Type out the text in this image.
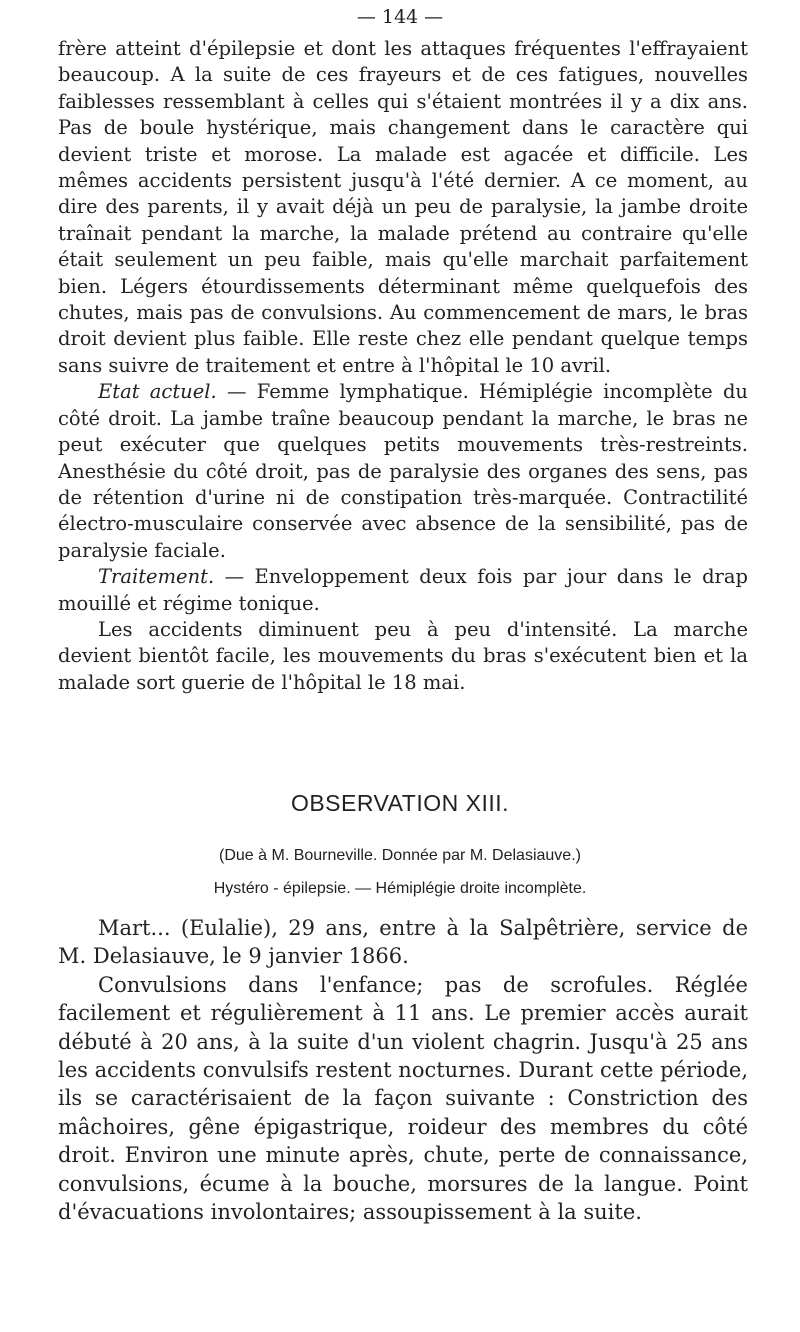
— 144 —

frère atteint d'épilepsie et dont les attaques fréquentes l'effrayaient beaucoup. A la suite de ces frayeurs et de ces fatigues, nouvelles faiblesses ressemblant à celles qui s'étaient montrées il y a dix ans. Pas de boule hystérique, mais changement dans le caractère qui devient triste et morose. La malade est agacée et difficile. Les mêmes accidents persistent jusqu'à l'été dernier. A ce moment, au dire des parents, il y avait déjà un peu de paralysie, la jambe droite traînait pendant la marche, la malade prétend au contraire qu'elle était seulement un peu faible, mais qu'elle marchait parfaitement bien. Légers étourdissements déterminant même quelquefois des chutes, mais pas de convulsions. Au commencement de mars, le bras droit devient plus faible. Elle reste chez elle pendant quelque temps sans suivre de traitement et entre à l'hôpital le 10 avril.

Etat actuel. — Femme lymphatique. Hémiplégie incomplète du côté droit. La jambe traîne beaucoup pendant la marche, le bras ne peut exécuter que quelques petits mouvements très-restreints. Anesthésie du côté droit, pas de paralysie des organes des sens, pas de rétention d'urine ni de constipation très-marquée. Contractilité électro-musculaire conservée avec absence de la sensibilité, pas de paralysie faciale.

Traitement. — Enveloppement deux fois par jour dans le drap mouillé et régime tonique.

Les accidents diminuent peu à peu d'intensité. La marche devient bientôt facile, les mouvements du bras s'exécutent bien et la malade sort guerie de l'hôpital le 18 mai.

OBSERVATION XIII.
(Due à M. Bourneville. Donnée par M. Delasiauve.)
Hystéro - épilepsie. — Hémiplégie droite incomplète.

Mart... (Eulalie), 29 ans, entre à la Salpêtrière, service de M. Delasiauve, le 9 janvier 1866.

Convulsions dans l'enfance; pas de scrofules. Réglée facilement et régulièrement à 11 ans. Le premier accès aurait débuté à 20 ans, à la suite d'un violent chagrin. Jusqu'à 25 ans les accidents convulsifs restent nocturnes. Durant cette période, ils se caractérisaient de la façon suivante : Constriction des mâchoires, gêne épigastrique, roideur des membres du côté droit. Environ une minute après, chute, perte de connaissance, convulsions, écume à la bouche, morsures de la langue. Point d'évacuations involontaires; assoupissement à la suite.
